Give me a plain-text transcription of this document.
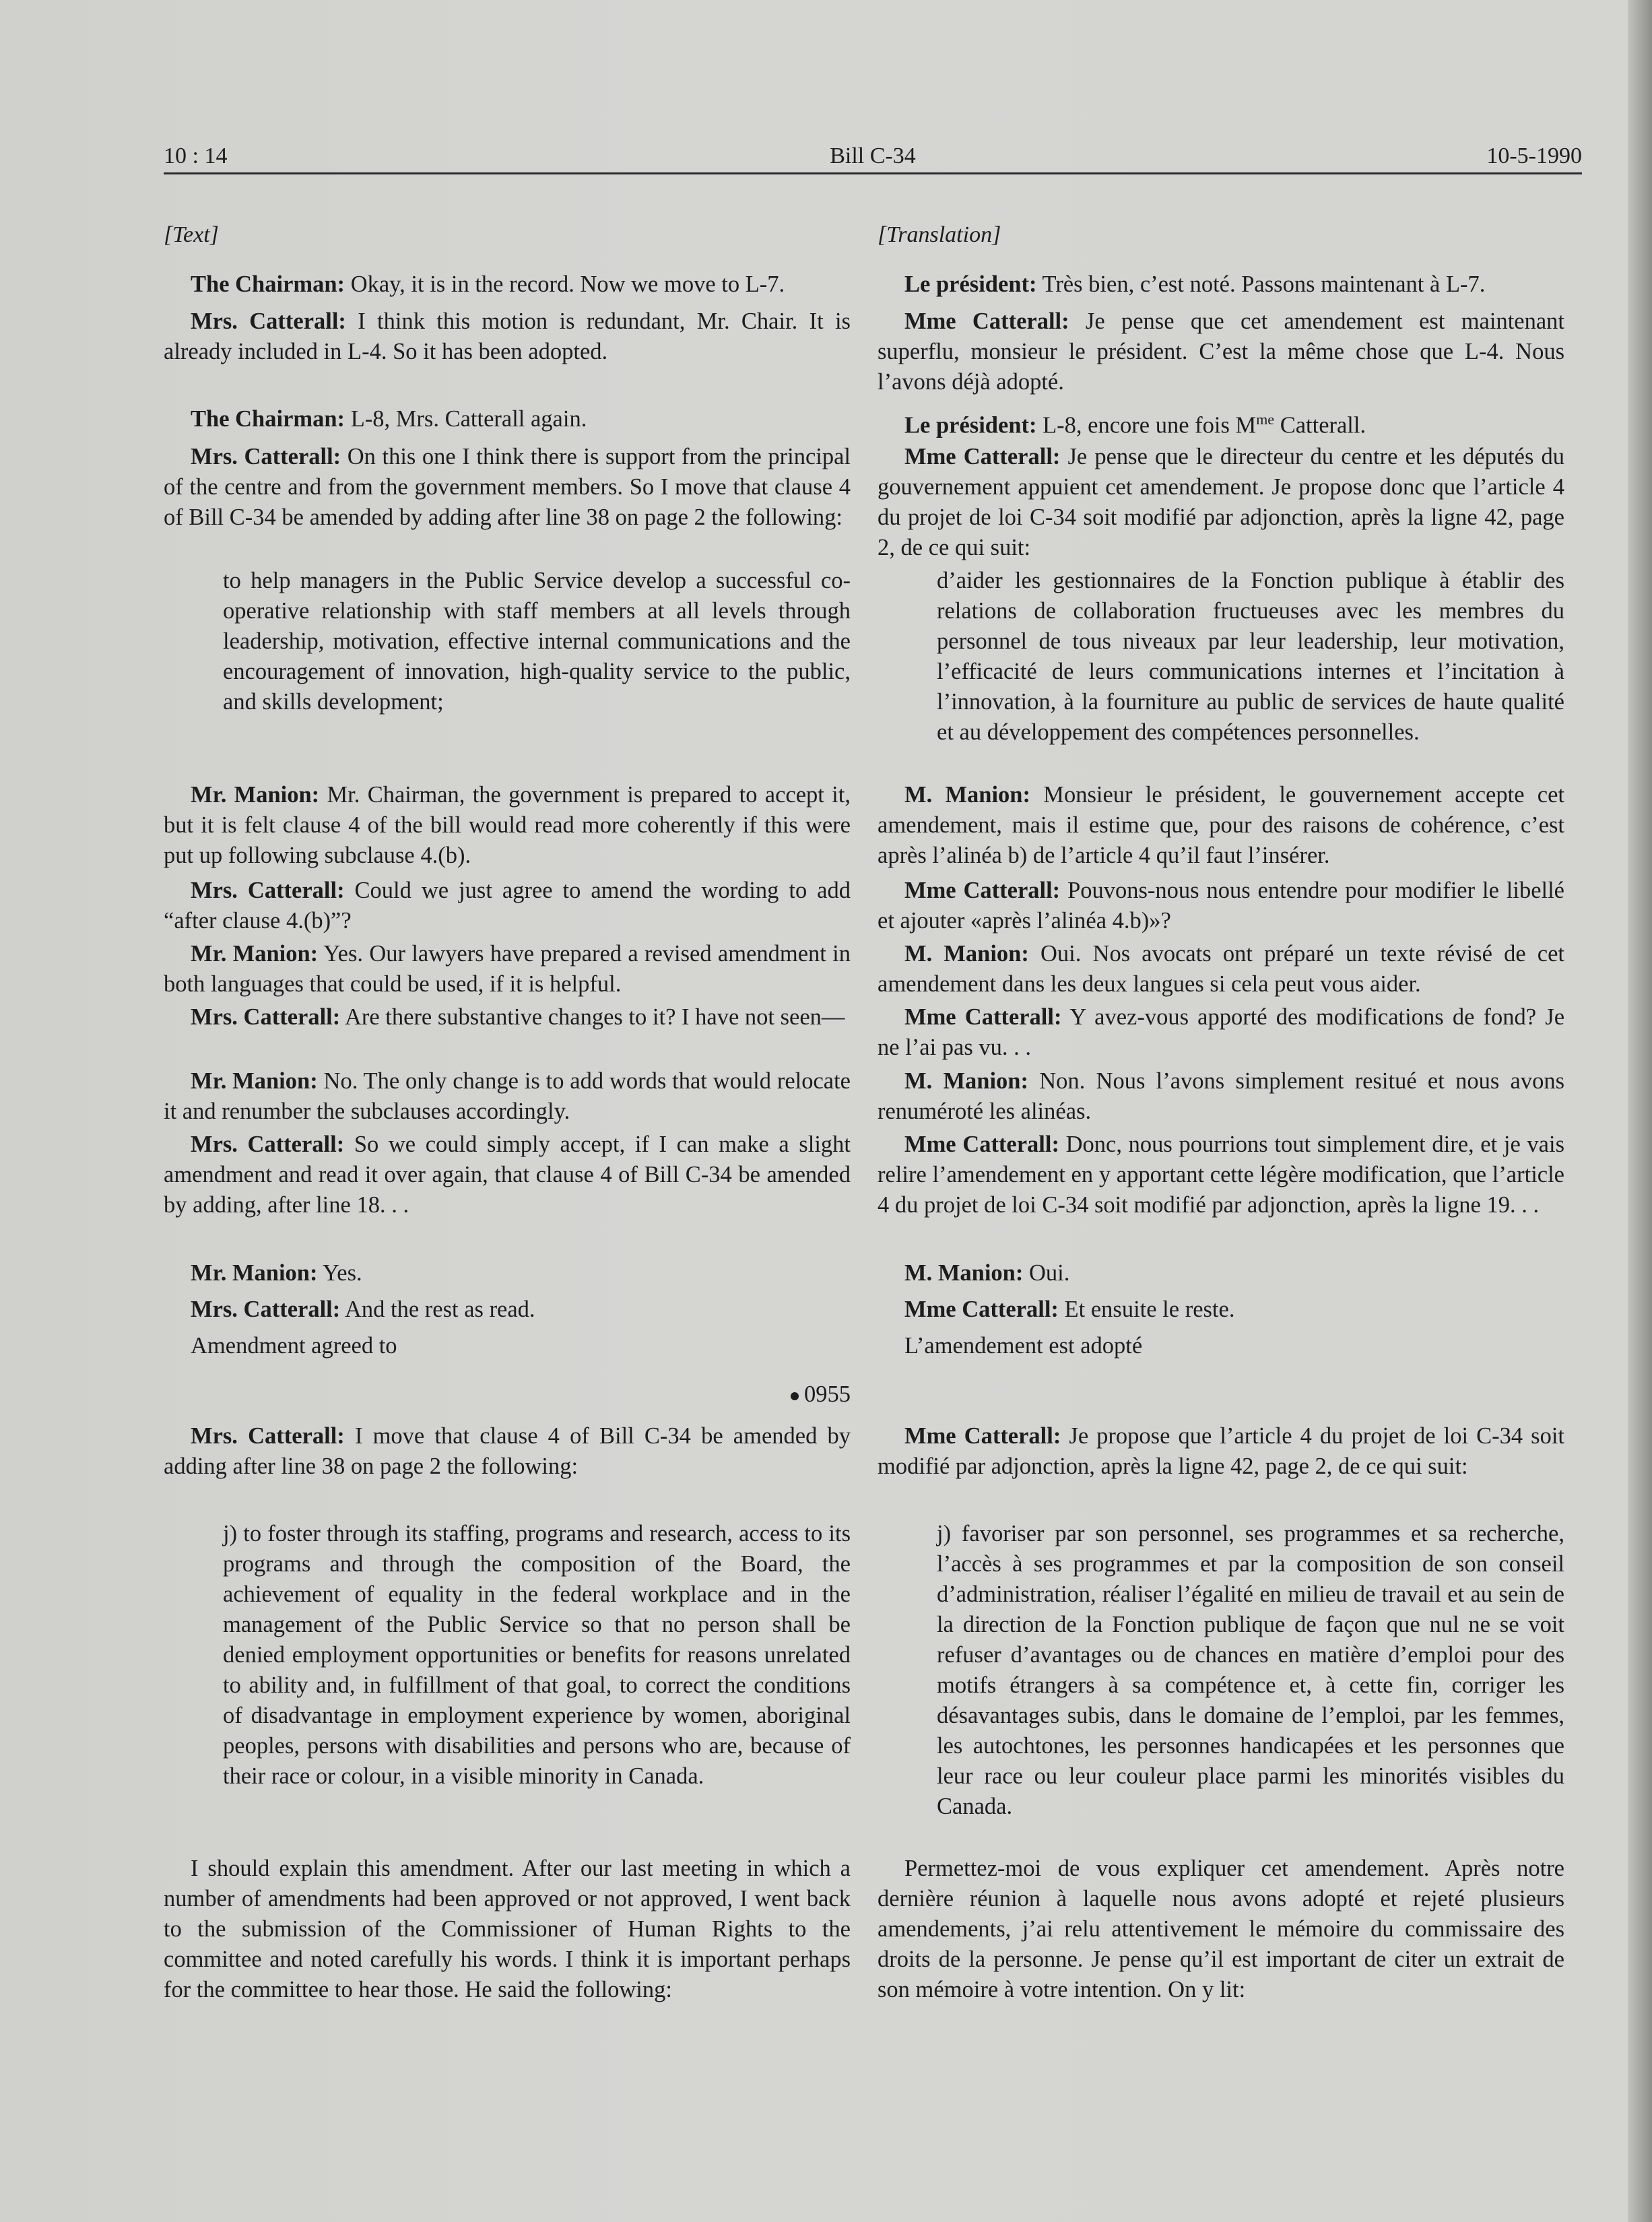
10 : 14	Bill C-34	10-5-1990
[Text]

The Chairman: Okay, it is in the record. Now we move to L-7.

Mrs. Catterall: I think this motion is redundant, Mr. Chair. It is already included in L-4. So it has been adopted.

The Chairman: L-8, Mrs. Catterall again.

Mrs. Catterall: On this one I think there is support from the principal of the centre and from the government members. So I move that clause 4 of Bill C-34 be amended by adding after line 38 on page 2 the following:

to help managers in the Public Service develop a successful co-operative relationship with staff members at all levels through leadership, motivation, effective internal communications and the encouragement of innovation, high-quality service to the public, and skills development;

Mr. Manion: Mr. Chairman, the government is prepared to accept it, but it is felt clause 4 of the bill would read more coherently if this were put up following subclause 4.(b).

Mrs. Catterall: Could we just agree to amend the wording to add “after clause 4.(b)”?

Mr. Manion: Yes. Our lawyers have prepared a revised amendment in both languages that could be used, if it is helpful.

Mrs. Catterall: Are there substantive changes to it? I have not seen—

Mr. Manion: No. The only change is to add words that would relocate it and renumber the subclauses accordingly.

Mrs. Catterall: So we could simply accept, if I can make a slight amendment and read it over again, that clause 4 of Bill C-34 be amended by adding, after line 18. . .

Mr. Manion: Yes.

Mrs. Catterall: And the rest as read.

Amendment agreed to

0955

Mrs. Catterall: I move that clause 4 of Bill C-34 be amended by adding after line 38 on page 2 the following:

j) to foster through its staffing, programs and research, access to its programs and through the composition of the Board, the achievement of equality in the federal workplace and in the management of the Public Service so that no person shall be denied employment opportunities or benefits for reasons unrelated to ability and, in fulfillment of that goal, to correct the conditions of disadvantage in employment experience by women, aboriginal peoples, persons with disabilities and persons who are, because of their race or colour, in a visible minority in Canada.

I should explain this amendment. After our last meeting in which a number of amendments had been approved or not approved, I went back to the submission of the Commissioner of Human Rights to the committee and noted carefully his words. I think it is important perhaps for the committee to hear those. He said the following:

[Translation]

Le président: Très bien, c’est noté. Passons maintenant à L-7.

Mme Catterall: Je pense que cet amendement est maintenant superflu, monsieur le président. C’est la même chose que L-4. Nous l’avons déjà adopté.

Le président: L-8, encore une fois $M^{me}$ Catterall.

Mme Catterall: Je pense que le directeur du centre et les députés du gouvernement appuient cet amendement. Je propose donc que l’article 4 du projet de loi C-34 soit modifié par adjonction, après la ligne 42, page 2, de ce qui suit:

d’aider les gestionnaires de la Fonction publique à établir des relations de collaboration fructueuses avec les membres du personnel de tous niveaux par leur leadership, leur motivation, l’efficacité de leurs communications internes et l’incitation à l’innovation, à la fourniture au public de services de haute qualité et au développement des compétences personnelles.

M. Manion: Monsieur le président, le gouvernement accepte cet amendement, mais il estime que, pour des raisons de cohérence, c’est après l’alinéa b) de l’article 4 qu’il faut l’insérer.

Mme Catterall: Pouvons-nous nous entendre pour modifier le libellé et ajouter «après l’alinéa 4.b)»?

M. Manion: Oui. Nos avocats ont préparé un texte révisé de cet amendement dans les deux langues si cela peut vous aider.

Mme Catterall: Y avez-vous apporté des modifications de fond? Je ne l’ai pas vu. . .

M. Manion: Non. Nous l’avons simplement resitué et nous avons renuméroté les alinéas.

Mme Catterall: Donc, nous pourrions tout simplement dire, et je vais relire l’amendement en y apportant cette légère modification, que l’article 4 du projet de loi C-34 soit modifié par adjonction, après la ligne 19. . .

M. Manion: Oui.

Mme Catterall: Et ensuite le reste.

L’amendement est adopté

Mme Catterall: Je propose que l’article 4 du projet de loi C-34 soit modifié par adjonction, après la ligne 42, page 2, de ce qui suit:

j) favoriser par son personnel, ses programmes et sa recherche, l’accès à ses programmes et par la composition de son conseil d’administration, réaliser l’égalité en milieu de travail et au sein de la direction de la Fonction publique de façon que nul ne se voit refuser d’avantages ou de chances en matière d’emploi pour des motifs étrangers à sa compétence et, à cette fin, corriger les désavantages subis, dans le domaine de l’emploi, par les femmes, les autochtones, les personnes handicapées et les personnes que leur race ou leur couleur place parmi les minorités visibles du Canada.

Permettez-moi de vous expliquer cet amendement. Après notre dernière réunion à laquelle nous avons adopté et rejeté plusieurs amendements, j’ai relu attentivement le mémoire du commissaire des droits de la personne. Je pense qu’il est important de citer un extrait de son mémoire à votre intention. On y lit:
